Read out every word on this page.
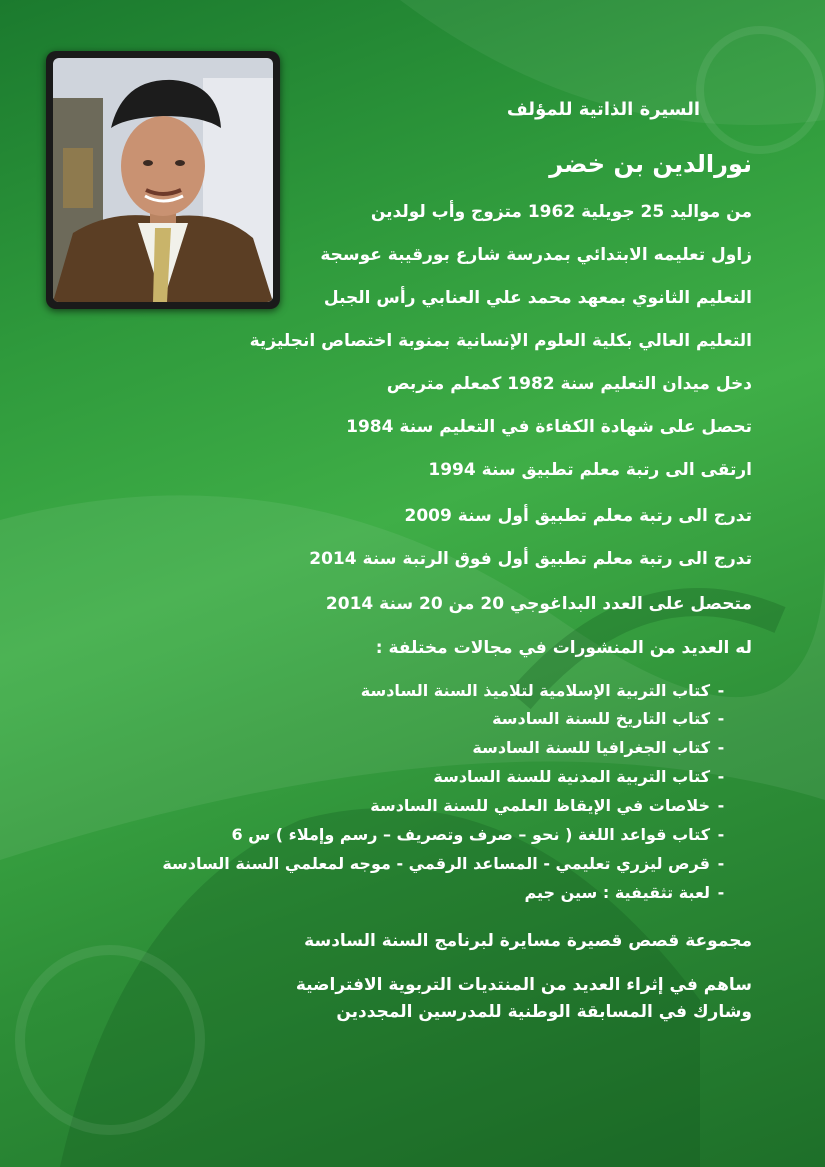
السيرة الذاتية للمؤلف
نورالدين بن خضر
من مواليد 25 جويلية 1962 متزوج وأب لولدين
زاول تعليمه الابتدائي بمدرسة شارع بورقيبة عوسجة
التعليم الثانوي بمعهد محمد علي العنابي رأس الجبل
التعليم العالي بكلية العلوم الإنسانية بمنوبة اختصاص انجليزية
دخل ميدان التعليم سنة 1982 كمعلم متربص
تحصل على شهادة الكفاءة في التعليم سنة 1984
ارتقى الى رتبة معلم تطبيق سنة 1994
تدرج الى رتبة معلم تطبيق أول سنة 2009
تدرج الى رتبة معلم تطبيق أول فوق الرتبة سنة 2014
متحصل على العدد البداغوجي 20 من 20 سنة 2014
له العديد من المنشورات في مجالات مختلفة :
-كتاب التربية الإسلامية لتلاميذ السنة السادسة
-كتاب التاريخ للسنة السادسة
-كتاب الجغرافيا للسنة السادسة
-كتاب التربية المدنية للسنة السادسة
-خلاصات في الإيقاظ العلمي للسنة السادسة
-كتاب قواعد اللغة ( نحو – صرف وتصريف – رسم وإملاء ) س 6
-قرص ليزري تعليمي - المساعد الرقمي - موجه لمعلمي السنة السادسة
-لعبة تثقيفية : سين جيم
مجموعة قصص قصيرة مسايرة لبرنامج السنة السادسة
ساهم في إثراء العديد من المنتديات التربوية الافتراضية وشارك في المسابقة الوطنية للمدرسين المجددين
